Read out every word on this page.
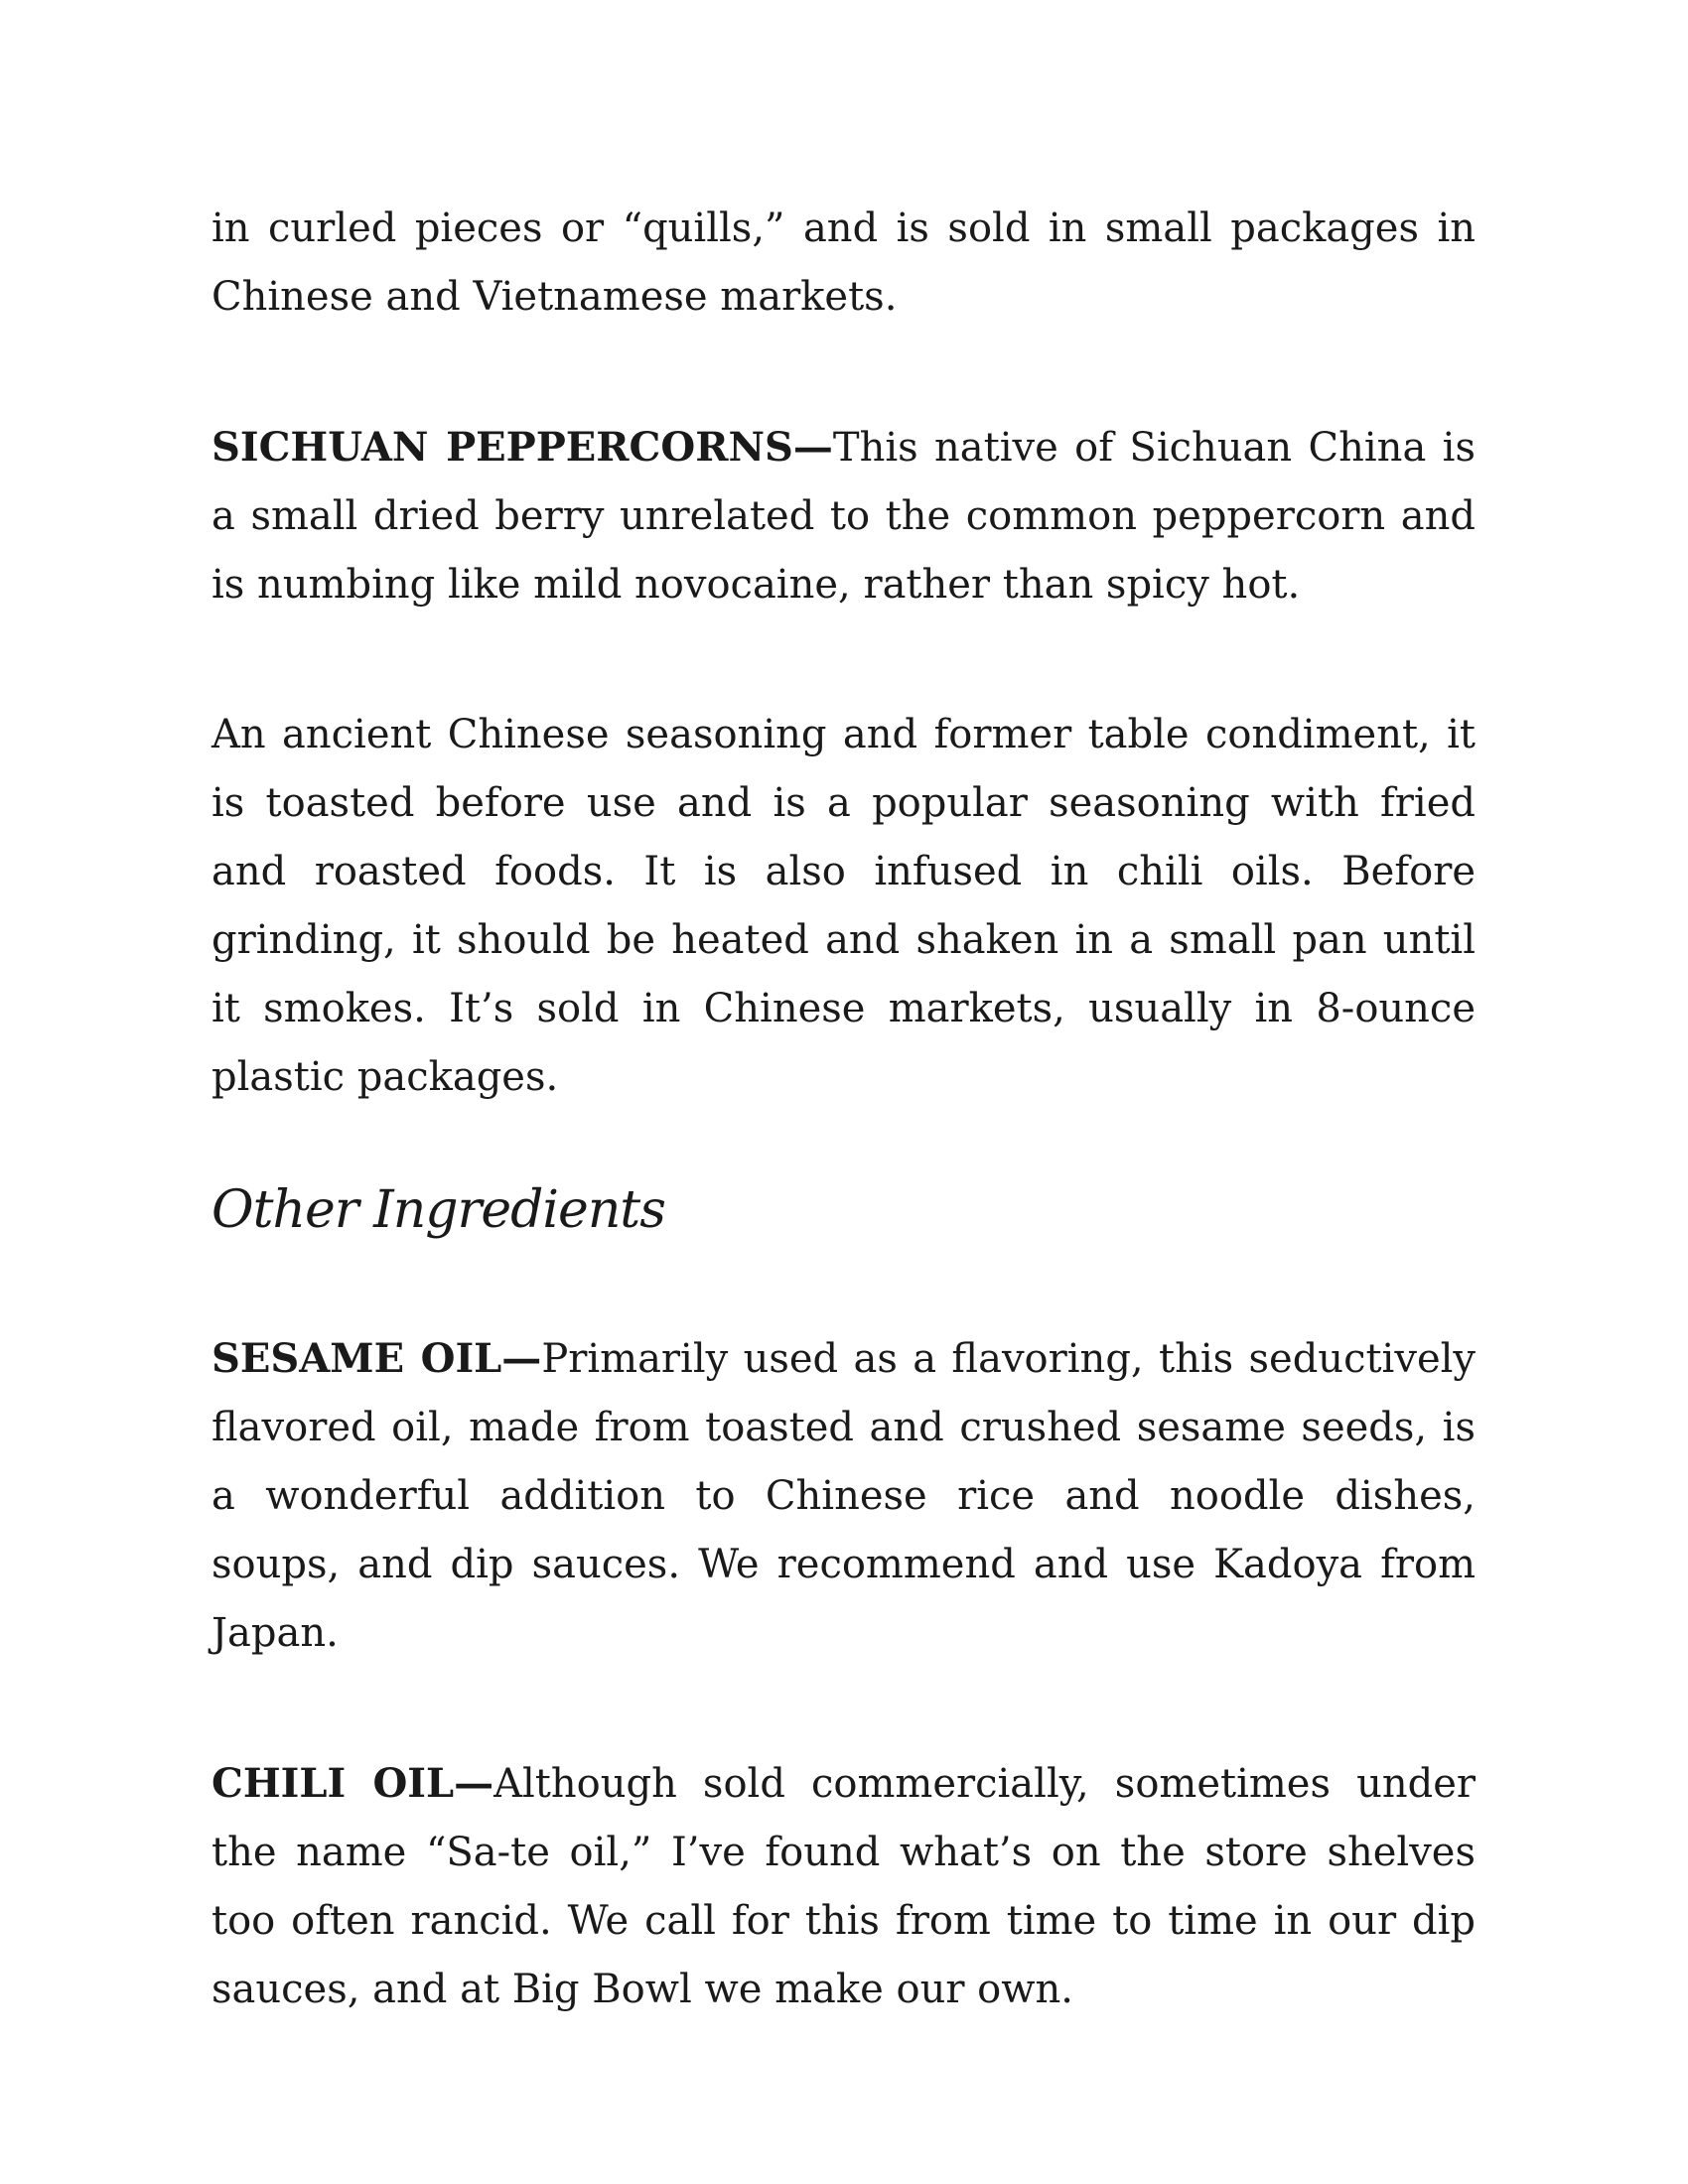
in curled pieces or “quills,” and is sold in small packages in Chinese and Vietnamese markets.

SICHUAN PEPPERCORNS—This native of Sichuan China is a small dried berry unrelated to the common peppercorn and is numbing like mild novocaine, rather than spicy hot.

An ancient Chinese seasoning and former table condiment, it is toasted before use and is a popular seasoning with fried and roasted foods. It is also infused in chili oils. Before grinding, it should be heated and shaken in a small pan until it smokes. It’s sold in Chinese markets, usually in 8-ounce plastic packages.

Other Ingredients

SESAME OIL—Primarily used as a flavoring, this seductively flavored oil, made from toasted and crushed sesame seeds, is a wonderful addition to Chinese rice and noodle dishes, soups, and dip sauces. We recommend and use Kadoya from Japan.

CHILI OIL—Although sold commercially, sometimes under the name “Sa-te oil,” I’ve found what’s on the store shelves too often rancid. We call for this from time to time in our dip sauces, and at Big Bowl we make our own.
